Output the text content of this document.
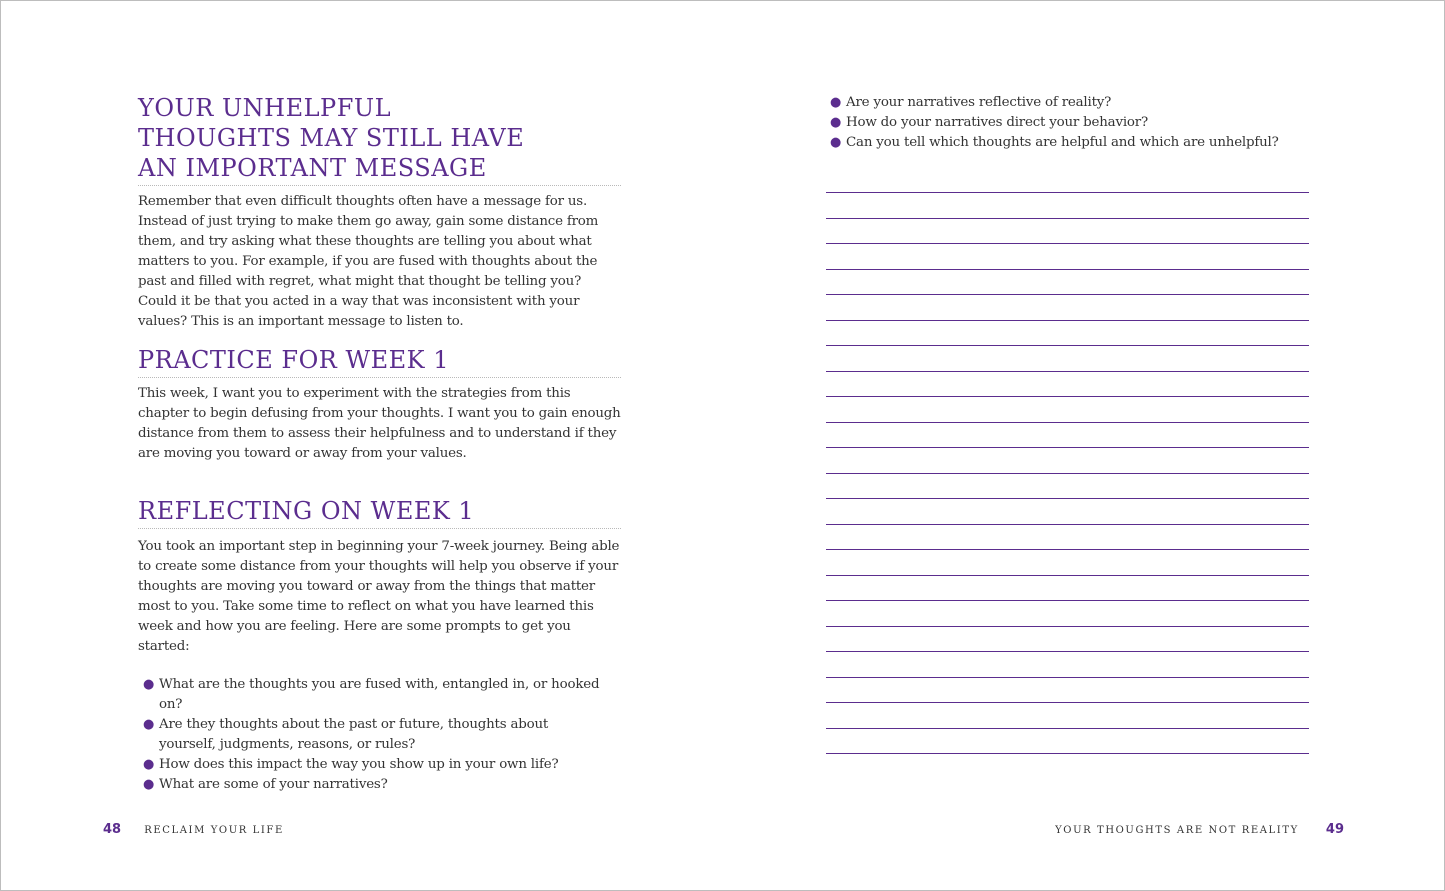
YOUR UNHELPFUL
THOUGHTS MAY STILL HAVE
AN IMPORTANT MESSAGE

Remember that even difficult thoughts often have a message for us. Instead of just trying to make them go away, gain some distance from them, and try asking what these thoughts are telling you about what matters to you. For example, if you are fused with thoughts about the past and filled with regret, what might that thought be telling you? Could it be that you acted in a way that was inconsistent with your values? This is an important message to listen to.

PRACTICE FOR WEEK 1

This week, I want you to experiment with the strategies from this chapter to begin defusing from your thoughts. I want you to gain enough distance from them to assess their helpfulness and to understand if they are moving you toward or away from your values.

REFLECTING ON WEEK 1

You took an important step in beginning your 7-week journey. Being able to create some distance from your thoughts will help you observe if your thoughts are moving you toward or away from the things that matter most to you. Take some time to reflect on what you have learned this week and how you are feeling. Here are some prompts to get you started:

● What are the thoughts you are fused with, entangled in, or hooked on?
● Are they thoughts about the past or future, thoughts about yourself, judgments, reasons, or rules?
● How does this impact the way you show up in your own life?
● What are some of your narratives?
48 RECLAIM YOUR LIFE
● Are your narratives reflective of reality?
● How do your narratives direct your behavior?
● Can you tell which thoughts are helpful and which are unhelpful?
YOUR THOUGHTS ARE NOT REALITY 49
